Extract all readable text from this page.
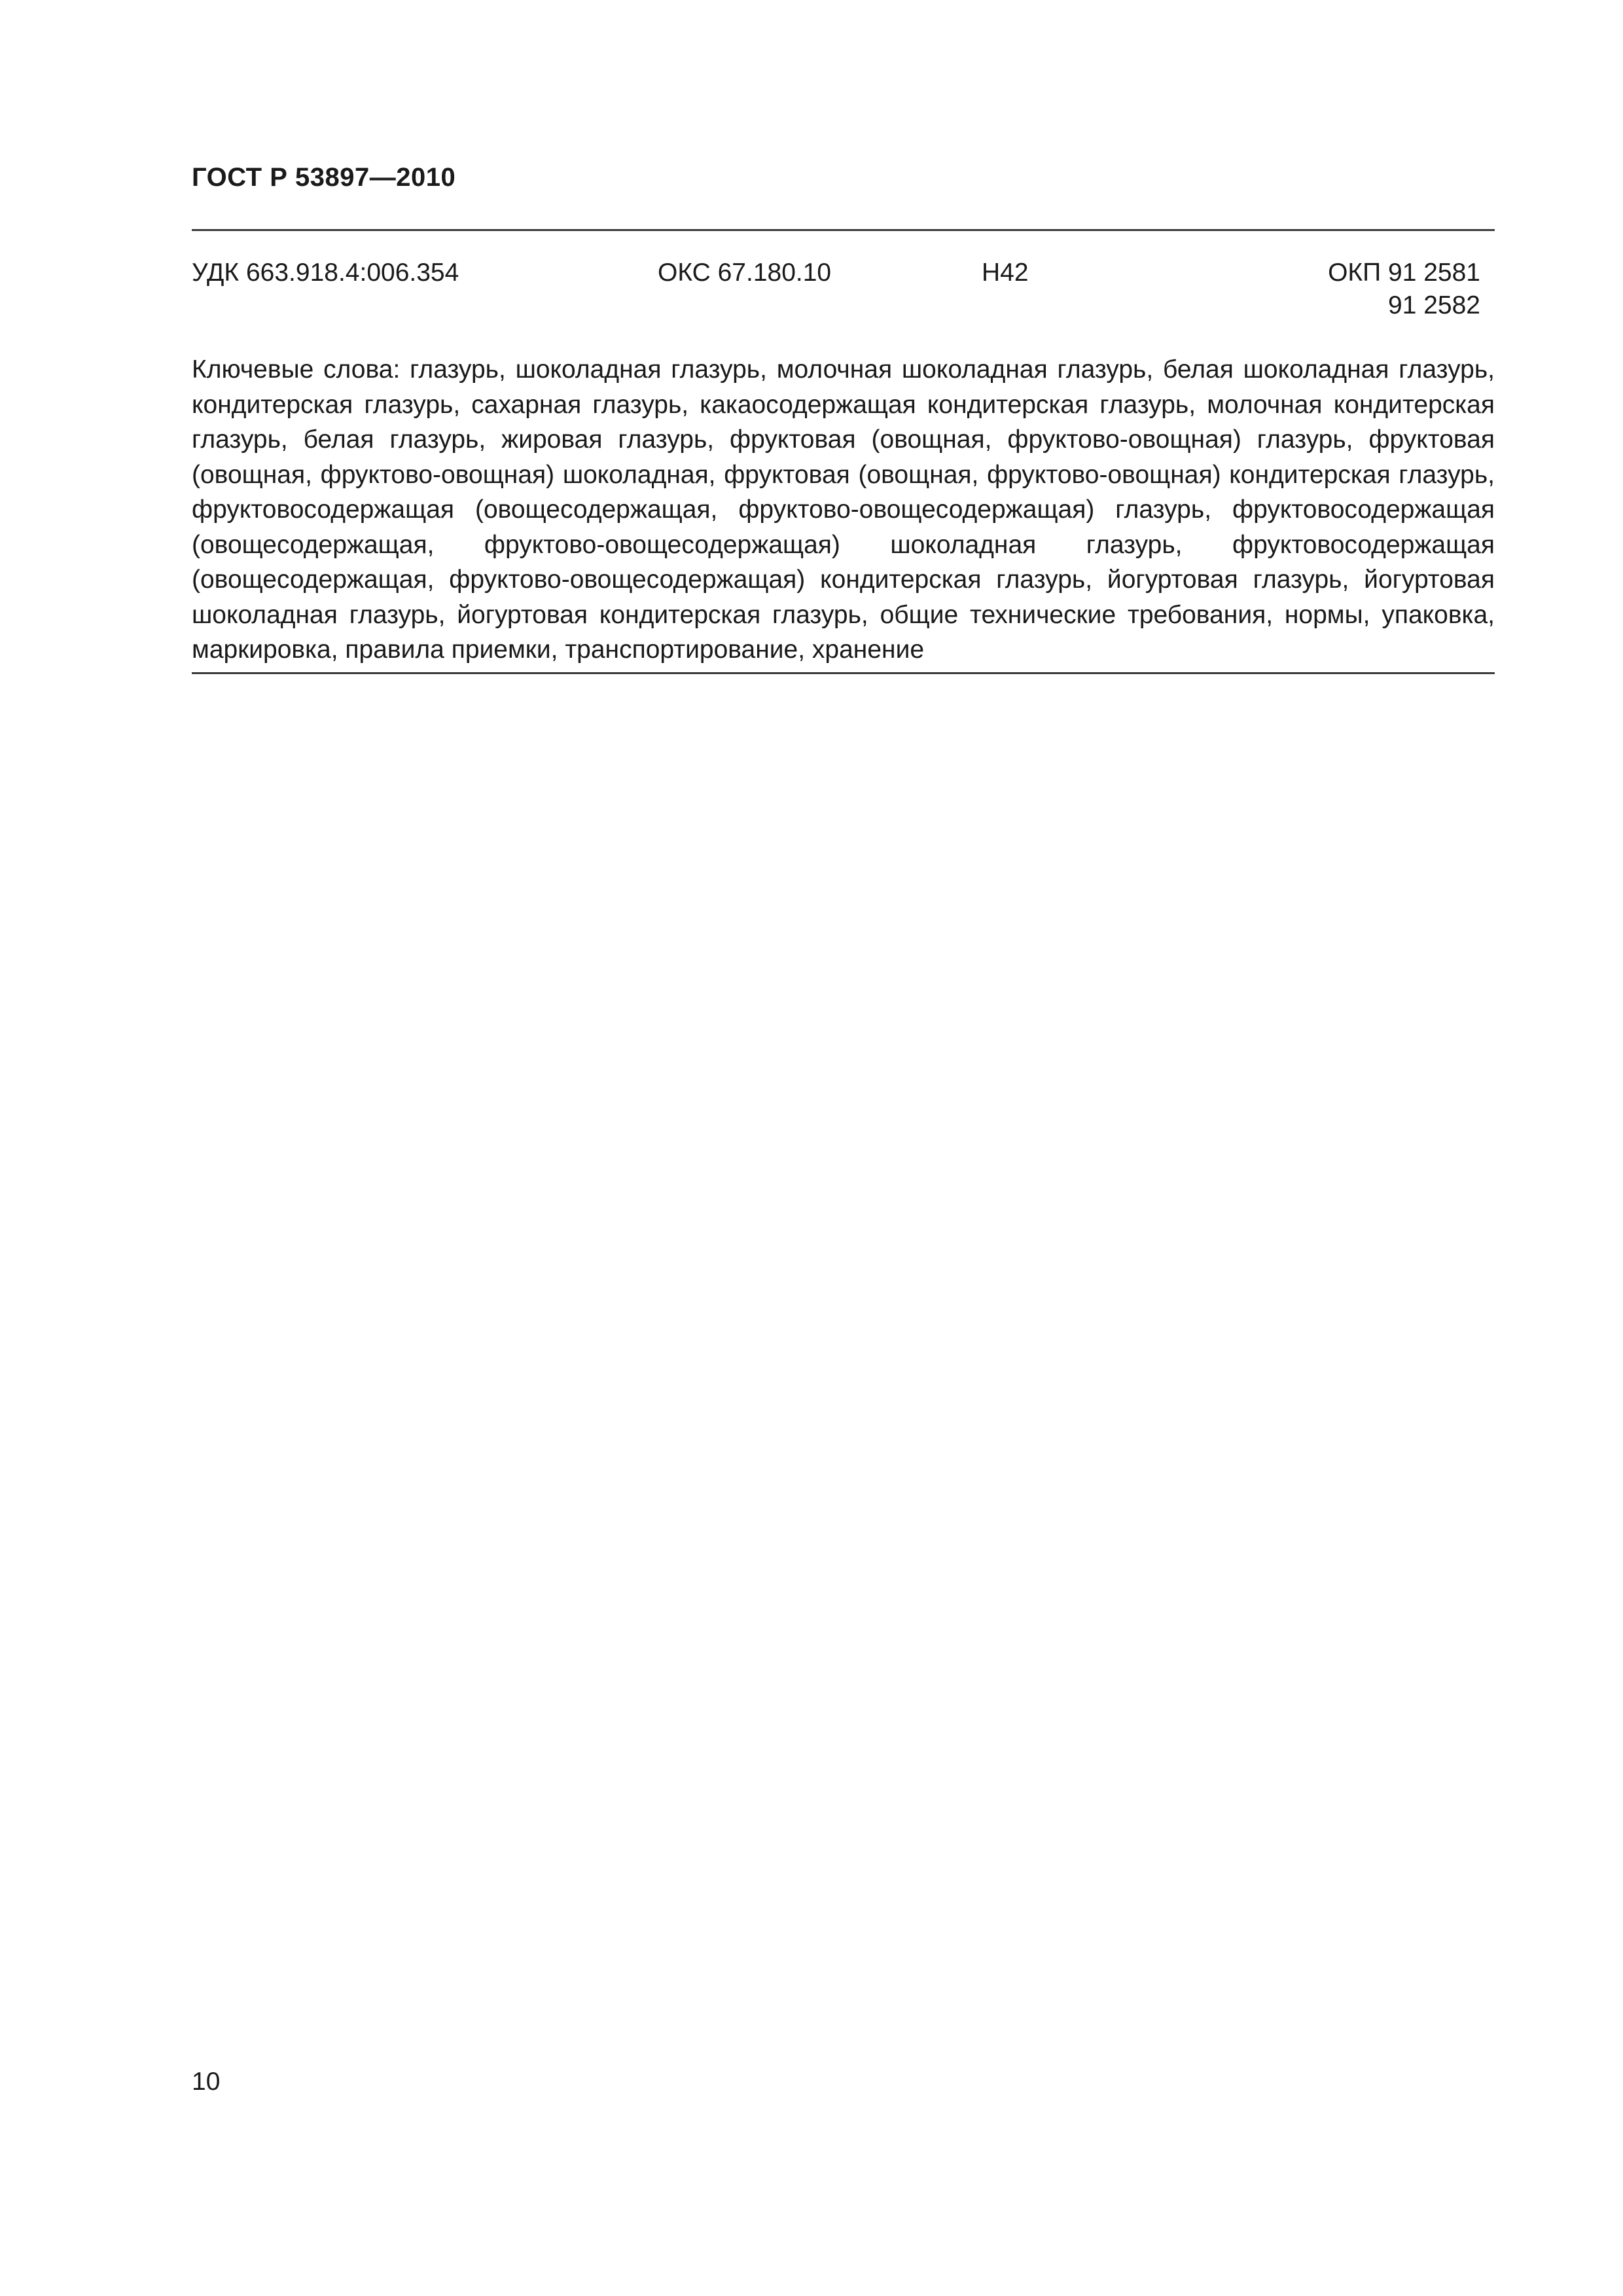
ГОСТ Р 53897—2010
УДК 663.918.4:006.354	ОКС 67.180.10	Н42	ОКП 91 2581
91 2582

Ключевые слова: глазурь, шоколадная глазурь, молочная шоколадная глазурь, белая шоколадная глазурь, кондитерская глазурь, сахарная глазурь, какаосодержащая кондитерская глазурь, молочная кондитерская глазурь, белая глазурь, жировая глазурь, фруктовая (овощная, фруктово-овощная) глазурь, фруктовая (овощная, фруктово-овощная) шоколадная, фруктовая (овощная, фруктово-овощная) кондитерская глазурь, фруктовосодержащая (овощесодержащая, фруктово-овощесодержащая) глазурь, фруктовосодержащая (овощесодержащая, фруктово-овощесодержащая) шоколадная глазурь, фруктовосодержащая (овощесодержащая, фруктово-овощесодержащая) кондитерская глазурь, йогуртовая глазурь, йогуртовая шоколадная глазурь, йогуртовая кондитерская глазурь, общие технические требования, нормы, упаковка, маркировка, правила приемки, транспортирование, хранение

10
